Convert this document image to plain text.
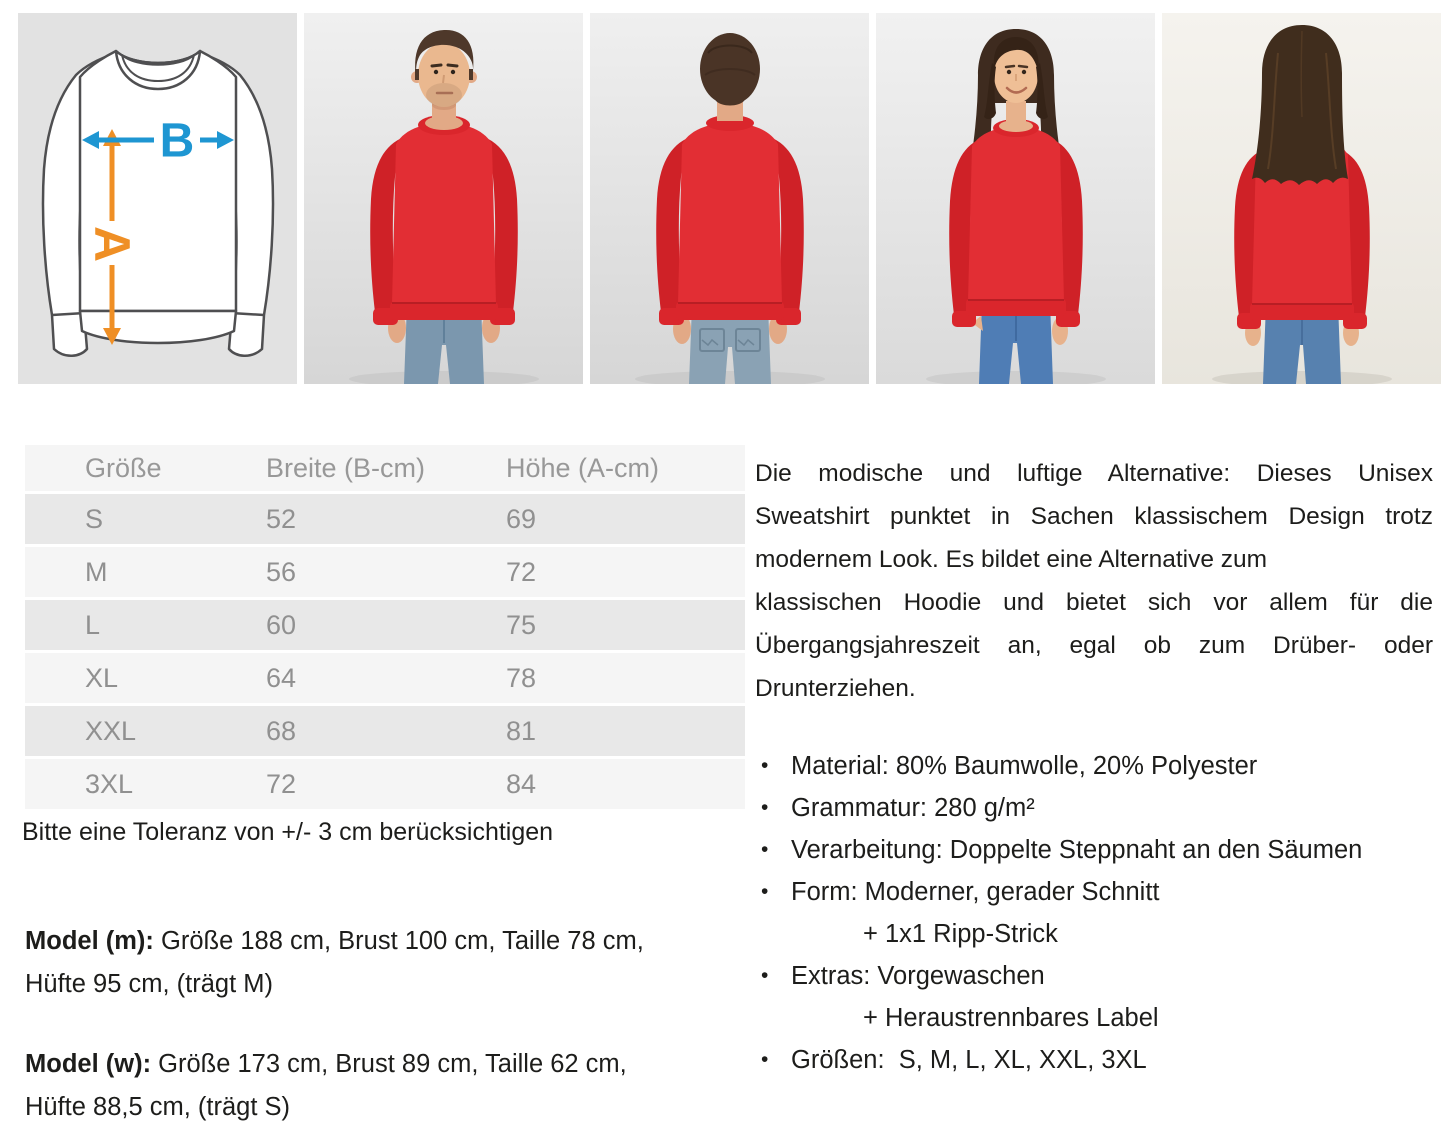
A
B
Größe	Breite (B-cm)	Höhe (A-cm)
S	52	69
M	56	72
L	60	75
XL	64	78
XXL	68	81
3XL	72	84
Bitte eine Toleranz von +/- 3 cm berücksichtigen
Model (m): Größe 188 cm, Brust 100 cm, Taille 78 cm,
Hüfte 95 cm, (trägt M)
Model (w): Größe 173 cm, Brust 89 cm, Taille 62 cm,
Hüfte 88,5 cm, (trägt S)
Die modische und luftige Alternative: Dieses Unisex
Sweatshirt punktet in Sachen klassischem Design trotz
modernem Look. Es bildet eine Alternative zum
klassischen Hoodie und bietet sich vor allem für die
Übergangsjahreszeit an, egal ob zum Drüber- oder
Drunterziehen.
• Material: 80% Baumwolle, 20% Polyester
• Grammatur: 280 g/m²
• Verarbeitung: Doppelte Steppnaht an den Säumen
• Form: Moderner, gerader Schnitt
+ 1x1 Ripp-Strick
• Extras: Vorgewaschen
+ Heraustrennbares Label
• Größen:  S, M, L, XL, XXL, 3XL
